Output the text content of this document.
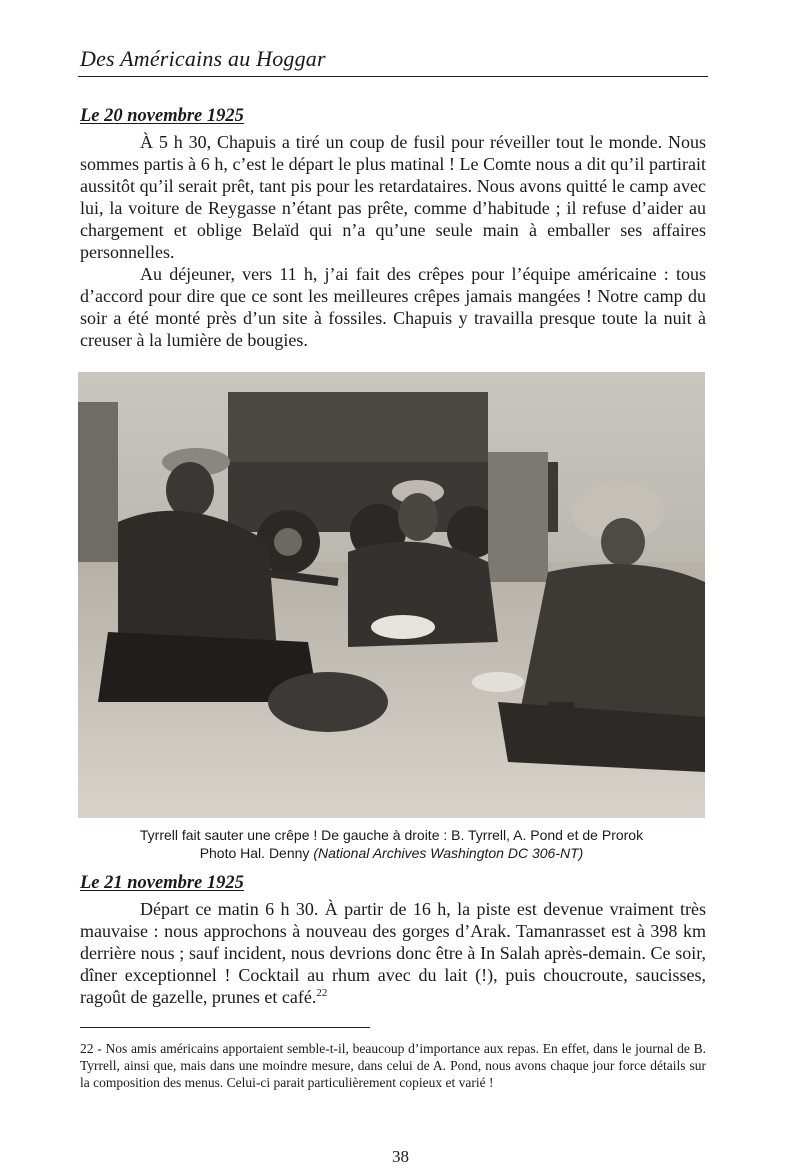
Des Américains au Hoggar
Le 20 novembre 1925

À 5 h 30, Chapuis a tiré un coup de fusil pour réveiller tout le monde. Nous sommes partis à 6 h, c’est le départ le plus matinal ! Le Comte nous a dit qu’il partirait aussitôt qu’il serait prêt, tant pis pour les retardataires. Nous avons quitté le camp avec lui, la voiture de Reygasse n’étant pas prête, comme d’habitude ; il refuse d’aider au chargement et oblige Belaïd qui n’a qu’une seule main à emballer ses affaires personnelles.

Au déjeuner, vers 11 h, j’ai fait des crêpes pour l’équipe américaine : tous d’accord pour dire que ce sont les meilleures crêpes jamais mangées ! Notre camp du soir a été monté près d’un site à fossiles. Chapuis y travailla presque toute la nuit à creuser à la lumière de bougies.

Tyrrell fait sauter une crêpe ! De gauche à droite : B. Tyrrell, A. Pond et de Prorok
Photo Hal. Denny (National Archives Washington DC 306-NT)
Le 21 novembre 1925

Départ ce matin 6 h 30. À partir de 16 h, la piste est devenue vraiment très mauvaise : nous approchons à nouveau des gorges d’Arak. Tamanrasset est à 398 km derrière nous ; sauf incident, nous devrions donc être à In Salah après-demain. Ce soir, dîner exceptionnel ! Cocktail au rhum avec du lait (!), puis choucroute, saucisses, ragoût de gazelle, prunes et café.$^{22}$

22 - Nos amis américains apportaient semble-t-il, beaucoup d’importance aux repas. En effet, dans le journal de B. Tyrrell, ainsi que, mais dans une moindre mesure, dans celui de A. Pond, nous avons chaque jour force détails sur la composition des menus. Celui-ci parait particulièrement copieux et varié !
38
